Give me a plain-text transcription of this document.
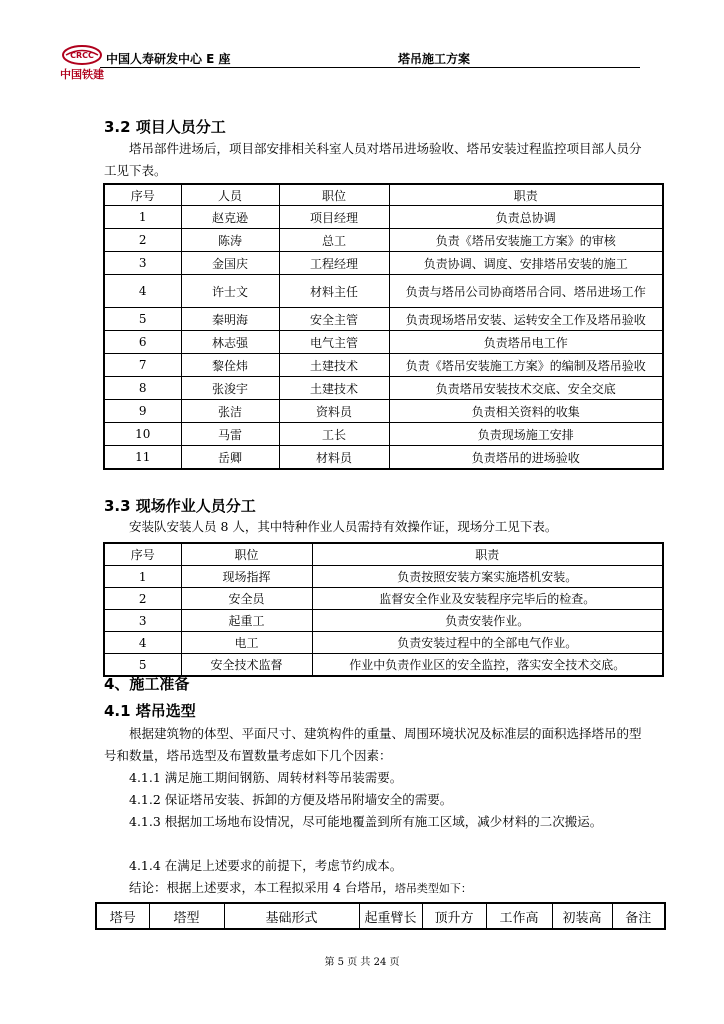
CRCC
中国铁建
中国人寿研发中心 E 座	塔吊施工方案
3.2 项目人员分工
塔吊部件进场后，项目部安排相关科室人员对塔吊进场验收、塔吊安装过程监控项目部人员分工见下表。
序号	人员	职位	职责
1	赵克逊	项目经理	负责总协调
2	陈涛	总工	负责《塔吊安装施工方案》的审核
3	金国庆	工程经理	负责协调、调度、安排塔吊安装的施工
4	许士文	材料主任	负责与塔吊公司协商塔吊合同、塔吊进场工作
5	秦明海	安全主管	负责现场塔吊安装、运转安全工作及塔吊验收
6	林志强	电气主管	负责塔吊电工作
7	黎佺炜	土建技术	负责《塔吊安装施工方案》的编制及塔吊验收
8	张浚宇	土建技术	负责塔吊安装技术交底、安全交底
9	张洁	资料员	负责相关资料的收集
10	马雷	工长	负责现场施工安排
11	岳卿	材料员	负责塔吊的进场验收
3.3 现场作业人员分工
安装队安装人员 8 人，其中特种作业人员需持有效操作证，现场分工见下表。
序号	职位	职责
1	现场指挥	负责按照安装方案实施塔机安装。
2	安全员	监督安全作业及安装程序完毕后的检查。
3	起重工	负责安装作业。
4	电工	负责安装过程中的全部电气作业。
5	安全技术监督	作业中负责作业区的安全监控，落实安全技术交底。
4、施工准备
4.1 塔吊选型
根据建筑物的体型、平面尺寸、建筑构件的重量、周围环境状况及标准层的面积选择塔吊的型号和数量，塔吊选型及布置数量考虑如下几个因素：
4.1.1 满足施工期间钢筋、周转材料等吊装需要。
4.1.2 保证塔吊安装、拆卸的方便及塔吊附墙安全的需要。
4.1.3 根据加工场地布设情况，尽可能地覆盖到所有施工区域，减少材料的二次搬运。
4.1.4 在满足上述要求的前提下，考虑节约成本。
结论：根据上述要求，本工程拟采用 4 台塔吊，塔吊类型如下：
塔号	塔型	基础形式	起重臂长	顶升方	工作高	初装高	备注
第 5 页 共 24 页
